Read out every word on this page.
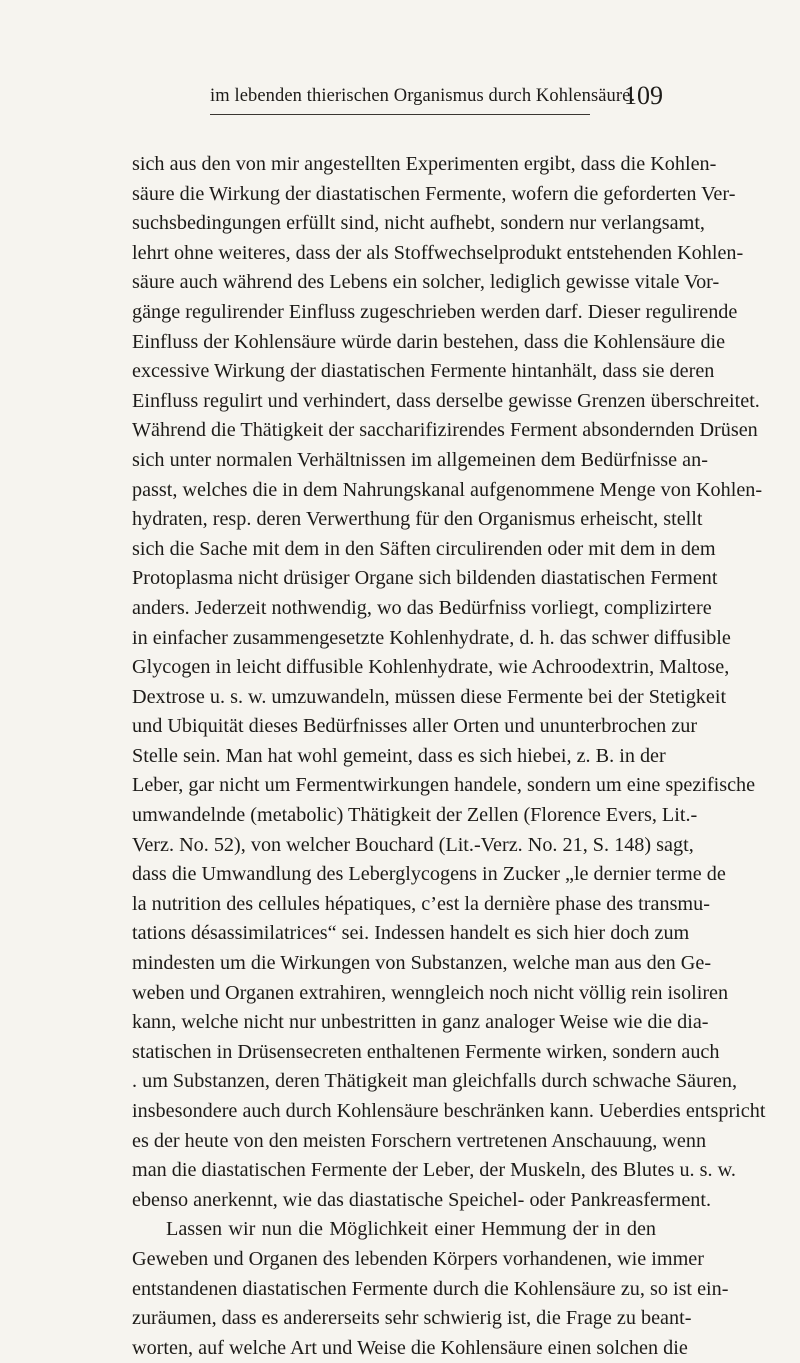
im lebenden thierischen Organismus durch Kohlensäure.
109
sich aus den von mir angestellten Experimenten ergibt, dass die Kohlen-
säure die Wirkung der diastatischen Fermente, wofern die geforderten Ver-
suchsbedingungen erfüllt sind, nicht aufhebt, sondern nur verlangsamt,
lehrt ohne weiteres, dass der als Stoffwechselprodukt entstehenden Kohlen-
säure auch während des Lebens ein solcher, lediglich gewisse vitale Vor-
gänge regulirender Einfluss zugeschrieben werden darf. Dieser regulirende
Einfluss der Kohlensäure würde darin bestehen, dass die Kohlensäure die
excessive Wirkung der diastatischen Fermente hintanhält, dass sie deren
Einfluss regulirt und verhindert, dass derselbe gewisse Grenzen überschreitet.
Während die Thätigkeit der saccharifizirendes Ferment absondernden Drüsen
sich unter normalen Verhältnissen im allgemeinen dem Bedürfnisse an-
passt, welches die in dem Nahrungskanal aufgenommene Menge von Kohlen-
hydraten, resp. deren Verwerthung für den Organismus erheischt, stellt
sich die Sache mit dem in den Säften circulirenden oder mit dem in dem
Protoplasma nicht drüsiger Organe sich bildenden diastatischen Ferment
anders. Jederzeit nothwendig, wo das Bedürfniss vorliegt, complizirtere
in einfacher zusammengesetzte Kohlenhydrate, d. h. das schwer diffusible
Glycogen in leicht diffusible Kohlenhydrate, wie Achroodextrin, Maltose,
Dextrose u. s. w. umzuwandeln, müssen diese Fermente bei der Stetigkeit
und Ubiquität dieses Bedürfnisses aller Orten und ununterbrochen zur
Stelle sein. Man hat wohl gemeint, dass es sich hiebei, z. B. in der
Leber, gar nicht um Fermentwirkungen handele, sondern um eine spezifische
umwandelnde (metabolic) Thätigkeit der Zellen (Florence Evers, Lit.-
Verz. No. 52), von welcher Bouchard (Lit.-Verz. No. 21, S. 148) sagt,
dass die Umwandlung des Leberglycogens in Zucker „le dernier terme de
la nutrition des cellules hépatiques, c’est la dernière phase des transmu-
tations désassimilatrices“ sei. Indessen handelt es sich hier doch zum
mindesten um die Wirkungen von Substanzen, welche man aus den Ge-
weben und Organen extrahiren, wenngleich noch nicht völlig rein isoliren
kann, welche nicht nur unbestritten in ganz analoger Weise wie die dia-
statischen in Drüsensecreten enthaltenen Fermente wirken, sondern auch
. um Substanzen, deren Thätigkeit man gleichfalls durch schwache Säuren,
insbesondere auch durch Kohlensäure beschränken kann. Ueberdies entspricht
es der heute von den meisten Forschern vertretenen Anschauung, wenn
man die diastatischen Fermente der Leber, der Muskeln, des Blutes u. s. w.
ebenso anerkennt, wie das diastatische Speichel- oder Pankreasferment.
Lassen wir nun die Möglichkeit einer Hemmung der in den
Geweben und Organen des lebenden Körpers vorhandenen, wie immer
entstandenen diastatischen Fermente durch die Kohlensäure zu, so ist ein-
zuräumen, dass es andererseits sehr schwierig ist, die Frage zu beant-
worten, auf welche Art und Weise die Kohlensäure einen solchen die
